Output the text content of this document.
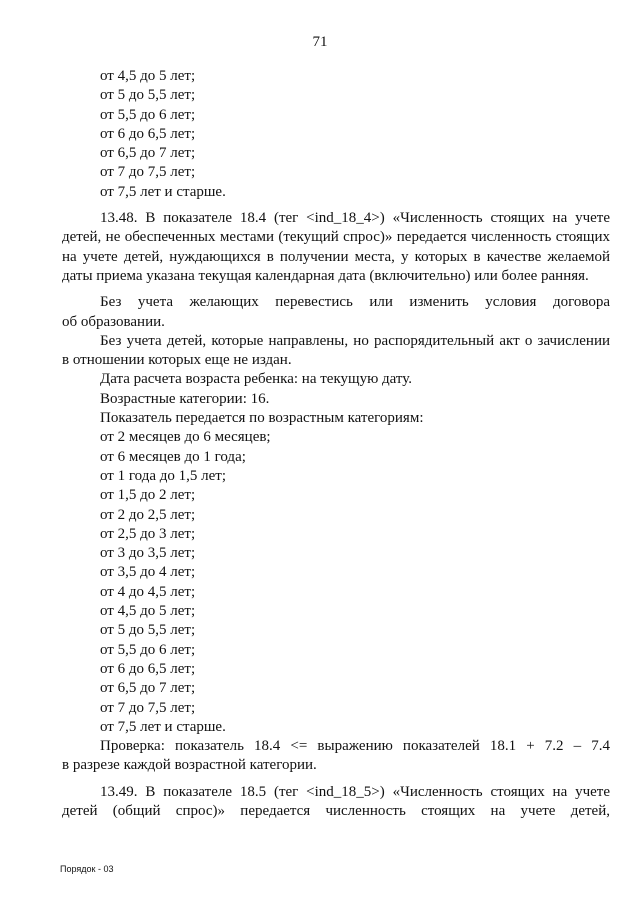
71

от 4,5 до 5 лет;

от 5 до 5,5 лет;

от 5,5 до 6 лет;

от 6 до 6,5 лет;

от 6,5 до 7 лет;

от 7 до 7,5 лет;

от 7,5 лет и старше.

13.48. В показателе 18.4 (тег <ind_18_4>) «Численность стоящих на учете

детей, не обеспеченных местами (текущий спрос)» передается численность стоящих

на учете детей, нуждающихся в получении места, у которых в качестве желаемой

даты приема указана текущая календарная дата (включительно) или более ранняя.

Без учета желающих перевестись или изменить условия договора

об образовании.

Без учета детей, которые направлены, но распорядительный акт о зачислении

в отношении которых еще не издан.

Дата расчета возраста ребенка: на текущую дату.

Возрастные категории: 16.

Показатель передается по возрастным категориям:

от 2 месяцев до 6 месяцев;

от 6 месяцев до 1 года;

от 1 года до 1,5 лет;

от 1,5 до 2 лет;

от 2 до 2,5 лет;

от 2,5 до 3 лет;

от 3 до 3,5 лет;

от 3,5 до 4 лет;

от 4 до 4,5 лет;

от 4,5 до 5 лет;

от 5 до 5,5 лет;

от 5,5 до 6 лет;

от 6 до 6,5 лет;

от 6,5 до 7 лет;

от 7 до 7,5 лет;

от 7,5 лет и старше.

Проверка: показатель 18.4 <= выражению показателей 18.1 + 7.2 – 7.4

в разрезе каждой возрастной категории.

13.49. В показателе 18.5 (тег <ind_18_5>) «Численность стоящих на учете

детей (общий спрос)» передается численность стоящих на учете детей,

Порядок - 03
